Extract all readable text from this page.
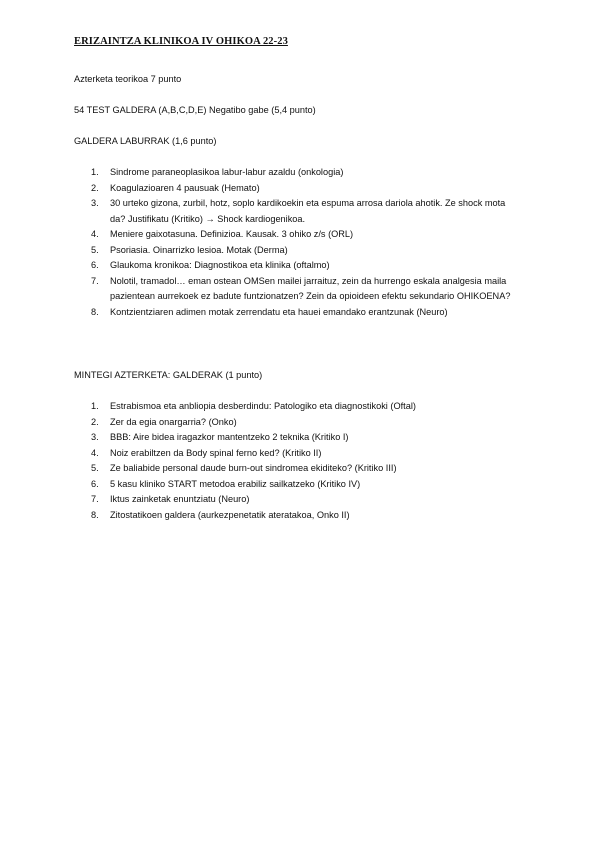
ERIZAINTZA KLINIKOA IV OHIKOA 22-23
Azterketa teorikoa 7 punto
54 TEST GALDERA (A,B,C,D,E) Negatibo gabe (5,4 punto)
GALDERA LABURRAK (1,6 punto)
1.	Sindrome paraneoplasikoa labur-labur azaldu (onkologia)
2.	Koagulazioaren 4 pausuak (Hemato)
3.	30 urteko gizona, zurbil, hotz, soplo kardikoekin eta espuma arrosa dariola ahotik. Ze shock mota da? Justifikatu (Kritiko) → Shock kardiogenikoa.
4.	Meniere gaixotasuna. Definizioa. Kausak. 3 ohiko z/s (ORL)
5.	Psoriasia. Oinarrizko lesioa. Motak (Derma)
6.	Glaukoma kronikoa: Diagnostikoa eta klinika (oftalmo)
7.	Nolotil, tramadol… eman ostean OMSen mailei jarraituz, zein da hurrengo eskala analgesia maila pazientean aurrekoek ez badute funtzionatzen? Zein da opioideen efektu sekundario OHIKOENA?
8.	Kontzientziaren adimen motak zerrendatu eta hauei emandako erantzunak (Neuro)
MINTEGI AZTERKETA: GALDERAK (1 punto)
1.	Estrabismoa eta anbliopia desberdindu: Patologiko eta diagnostikoki (Oftal)
2.	Zer da egia onargarria? (Onko)
3.	BBB: Aire bidea iragazkor mantentzeko 2 teknika (Kritiko I)
4.	Noiz erabiltzen da Body spinal ferno ked? (Kritiko II)
5.	Ze baliabide personal daude burn-out sindromea ekiditeko? (Kritiko III)
6.	5 kasu kliniko START metodoa erabiliz sailkatzeko (Kritiko IV)
7.	Iktus zainketak enuntziatu (Neuro)
8.	Zitostatikoen galdera (aurkezpenetatik ateratakoa, Onko II)
